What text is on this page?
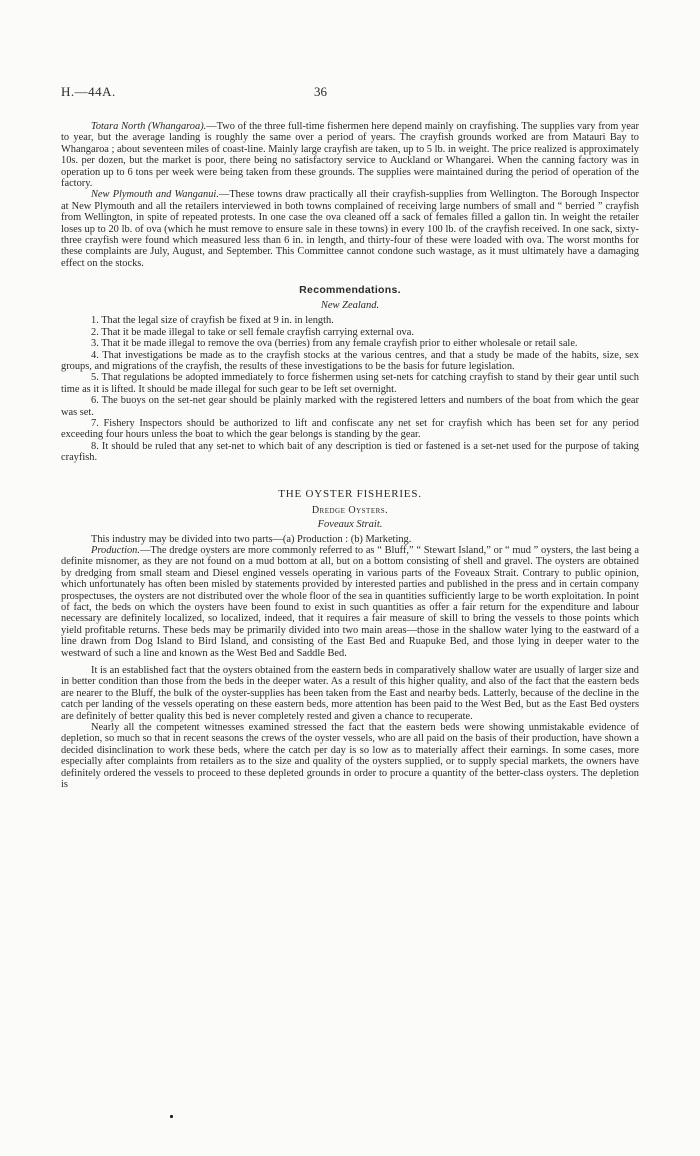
H.—44A.	36

Totara North (Whangaroa).—Two of the three full-time fishermen here depend mainly on crayfishing. The supplies vary from year to year, but the average landing is roughly the same over a period of years. The crayfish grounds worked are from Matauri Bay to Whangaroa ; about seventeen miles of coast-line. Mainly large crayfish are taken, up to 5 lb. in weight. The price realized is approximately 10s. per dozen, but the market is poor, there being no satisfactory service to Auckland or Whangarei. When the canning factory was in operation up to 6 tons per week were being taken from these grounds. The supplies were maintained during the period of operation of the factory.

New Plymouth and Wanganui.—These towns draw practically all their crayfish-supplies from Wellington. The Borough Inspector at New Plymouth and all the retailers interviewed in both towns complained of receiving large numbers of small and “ berried ” crayfish from Wellington, in spite of repeated protests. In one case the ova cleaned off a sack of females filled a gallon tin. In weight the retailer loses up to 20 lb. of ova (which he must remove to ensure sale in these towns) in every 100 lb. of the crayfish received. In one sack, sixty-three crayfish were found which measured less than 6 in. in length, and thirty-four of these were loaded with ova. The worst months for these complaints are July, August, and September. This Committee cannot condone such wastage, as it must ultimately have a damaging effect on the stocks.

Recommendations.
New Zealand.

1. That the legal size of crayfish be fixed at 9 in. in length.

2. That it be made illegal to take or sell female crayfish carrying external ova.

3. That it be made illegal to remove the ova (berries) from any female crayfish prior to either wholesale or retail sale.

4. That investigations be made as to the crayfish stocks at the various centres, and that a study be made of the habits, size, sex groups, and migrations of the crayfish, the results of these investigations to be the basis for future legislation.

5. That regulations be adopted immediately to force fishermen using set-nets for catching crayfish to stand by their gear until such time as it is lifted. It should be made illegal for such gear to be left set overnight.

6. The buoys on the set-net gear should be plainly marked with the registered letters and numbers of the boat from which the gear was set.

7. Fishery Inspectors should be authorized to lift and confiscate any net set for crayfish which has been set for any period exceeding four hours unless the boat to which the gear belongs is standing by the gear.

8. It should be ruled that any set-net to which bait of any description is tied or fastened is a set-net used for the purpose of taking crayfish.

THE OYSTER FISHERIES.
Dredge Oysters.
Foveaux Strait.

This industry may be divided into two parts—(a) Production : (b) Marketing.

Production.—The dredge oysters are more commonly referred to as “ Bluff,” “ Stewart Island,” or “ mud ” oysters, the last being a definite misnomer, as they are not found on a mud bottom at all, but on a bottom consisting of shell and gravel. The oysters are obtained by dredging from small steam and Diesel engined vessels operating in various parts of the Foveaux Strait. Contrary to public opinion, which unfortunately has often been misled by statements provided by interested parties and published in the press and in certain company prospectuses, the oysters are not distributed over the whole floor of the sea in quantities sufficiently large to be worth exploitation. In point of fact, the beds on which the oysters have been found to exist in such quantities as offer a fair return for the expenditure and labour necessary are definitely localized, so localized, indeed, that it requires a fair measure of skill to bring the vessels to those points which yield profitable returns. These beds may be primarily divided into two main areas—those in the shallow water lying to the eastward of a line drawn from Dog Island to Bird Island, and consisting of the East Bed and Ruapuke Bed, and those lying in deeper water to the westward of such a line and known as the West Bed and Saddle Bed.

It is an established fact that the oysters obtained from the eastern beds in comparatively shallow water are usually of larger size and in better condition than those from the beds in the deeper water. As a result of this higher quality, and also of the fact that the eastern beds are nearer to the Bluff, the bulk of the oyster-supplies has been taken from the East and nearby beds. Latterly, because of the decline in the catch per landing of the vessels operating on these eastern beds, more attention has been paid to the West Bed, but as the East Bed oysters are definitely of better quality this bed is never completely rested and given a chance to recuperate.

Nearly all the competent witnesses examined stressed the fact that the eastern beds were showing unmistakable evidence of depletion, so much so that in recent seasons the crews of the oyster vessels, who are all paid on the basis of their production, have shown a decided disinclination to work these beds, where the catch per day is so low as to materially affect their earnings. In some cases, more especially after complaints from retailers as to the size and quality of the oysters supplied, or to supply special markets, the owners have definitely ordered the vessels to proceed to these depleted grounds in order to procure a quantity of the better-class oysters. The depletion is
